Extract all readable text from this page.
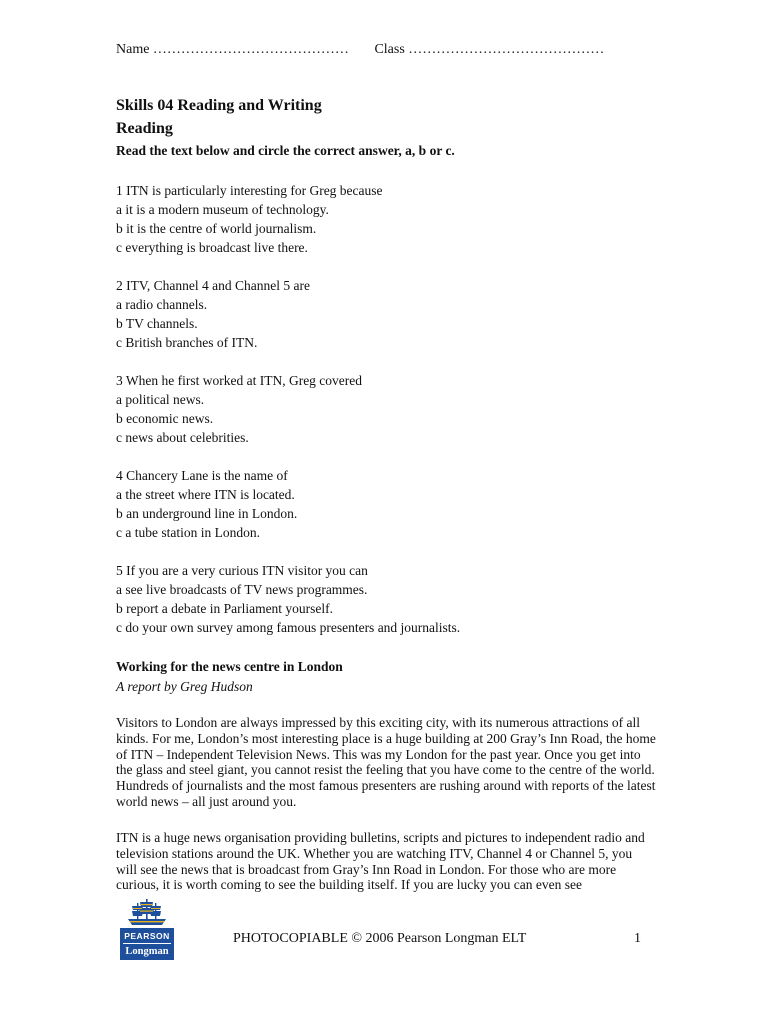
Name …………………………………… Class ……………………………………
Skills 04 Reading and Writing
Reading
Read the text below and circle the correct answer, a, b or c.
1 ITN is particularly interesting for Greg because
a it is a modern museum of technology.
b it is the centre of world journalism.
c everything is broadcast live there.
2 ITV, Channel 4 and Channel 5 are
a radio channels.
b TV channels.
c British branches of ITN.
3 When he first worked at ITN, Greg covered
a political news.
b economic news.
c news about celebrities.
4 Chancery Lane is the name of
a the street where ITN is located.
b an underground line in London.
c a tube station in London.
5 If you are a very curious ITN visitor you can
a see live broadcasts of TV news programmes.
b report a debate in Parliament yourself.
c do your own survey among famous presenters and journalists.
Working for the news centre in London
A report by Greg Hudson
Visitors to London are always impressed by this exciting city, with its numerous attractions of all kinds. For me, London’s most interesting place is a huge building at 200 Gray’s Inn Road, the home of ITN – Independent Television News. This was my London for the past year. Once you get into the glass and steel giant, you cannot resist the feeling that you have come to the centre of the world. Hundreds of journalists and the most famous presenters are rushing around with reports of the latest world news – all just around you.
ITN is a huge news organisation providing bulletins, scripts and pictures to independent radio and television stations around the UK. Whether you are watching ITV, Channel 4 or Channel 5, you will see the news that is broadcast from Gray’s Inn Road in London. For those who are more curious, it is worth coming to see the building itself. If you are lucky you can even see
PEARSON
Longman
PHOTOCOPIABLE © 2006 Pearson Longman ELT	1
